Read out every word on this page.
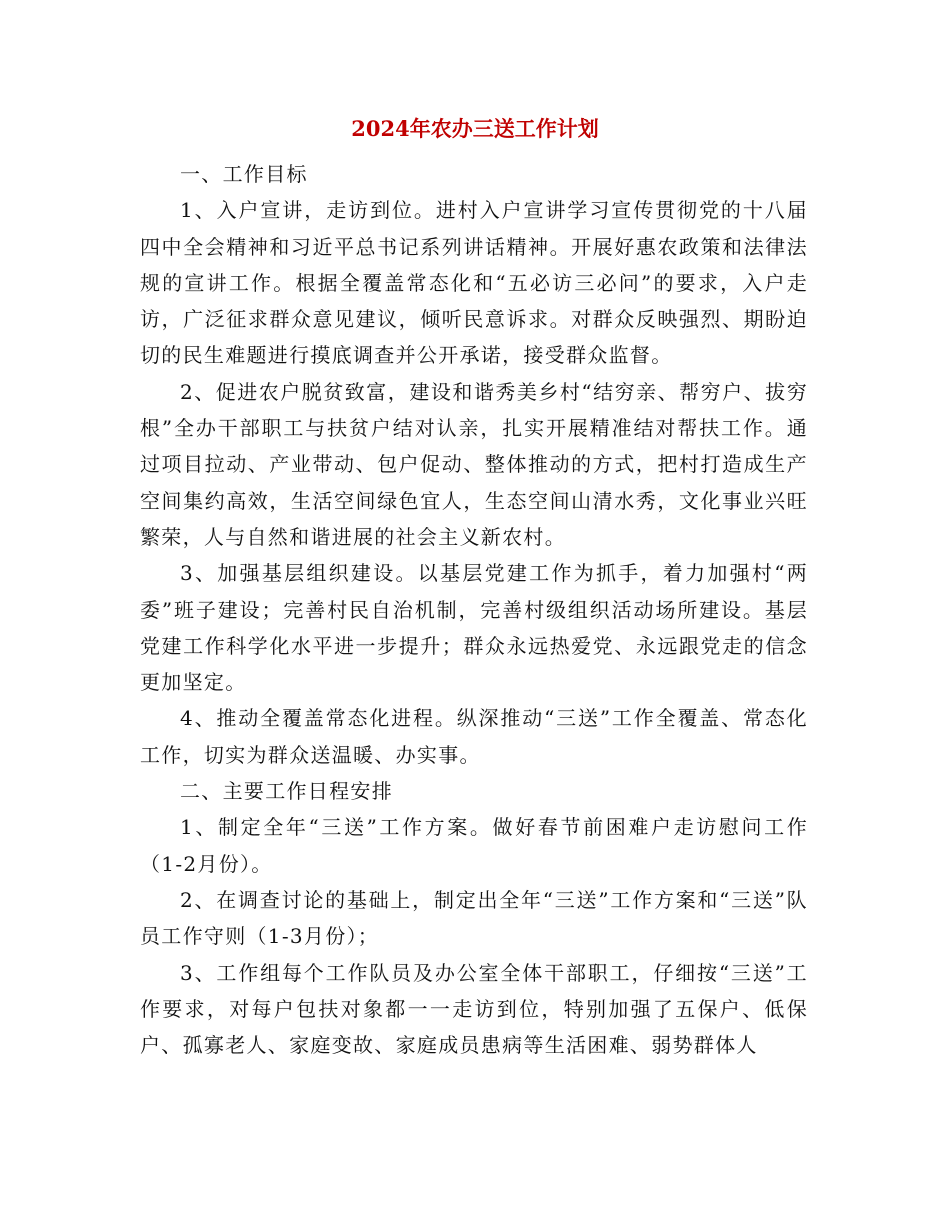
2024年农办三送工作计划

一、工作目标

1、入户宣讲，走访到位。进村入户宣讲学习宣传贯彻党的十八届四中全会精神和习近平总书记系列讲话精神。开展好惠农政策和法律法规的宣讲工作。根据全覆盖常态化和“五必访三必问”的要求，入户走访，广泛征求群众意见建议，倾听民意诉求。对群众反映强烈、期盼迫切的民生难题进行摸底调查并公开承诺，接受群众监督。

2、促进农户脱贫致富，建设和谐秀美乡村“结穷亲、帮穷户、拔穷根”全办干部职工与扶贫户结对认亲，扎实开展精准结对帮扶工作。通过项目拉动、产业带动、包户促动、整体推动的方式，把村打造成生产空间集约高效，生活空间绿色宜人，生态空间山清水秀，文化事业兴旺繁荣，人与自然和谐进展的社会主义新农村。

3、加强基层组织建设。以基层党建工作为抓手，着力加强村“两委”班子建设；完善村民自治机制，完善村级组织活动场所建设。基层党建工作科学化水平进一步提升；群众永远热爱党、永远跟党走的信念更加坚定。

4、推动全覆盖常态化进程。纵深推动“三送”工作全覆盖、常态化工作，切实为群众送温暖、办实事。

二、主要工作日程安排

1、制定全年“三送”工作方案。做好春节前困难户走访慰问工作（1-2月份）。

2、在调查讨论的基础上，制定出全年“三送”工作方案和“三送”队员工作守则（1-3月份）；

3、工作组每个工作队员及办公室全体干部职工，仔细按“三送”工作要求，对每户包扶对象都一一走访到位，特别加强了五保户、低保户、孤寡老人、家庭变故、家庭成员患病等生活困难、弱势群体人
